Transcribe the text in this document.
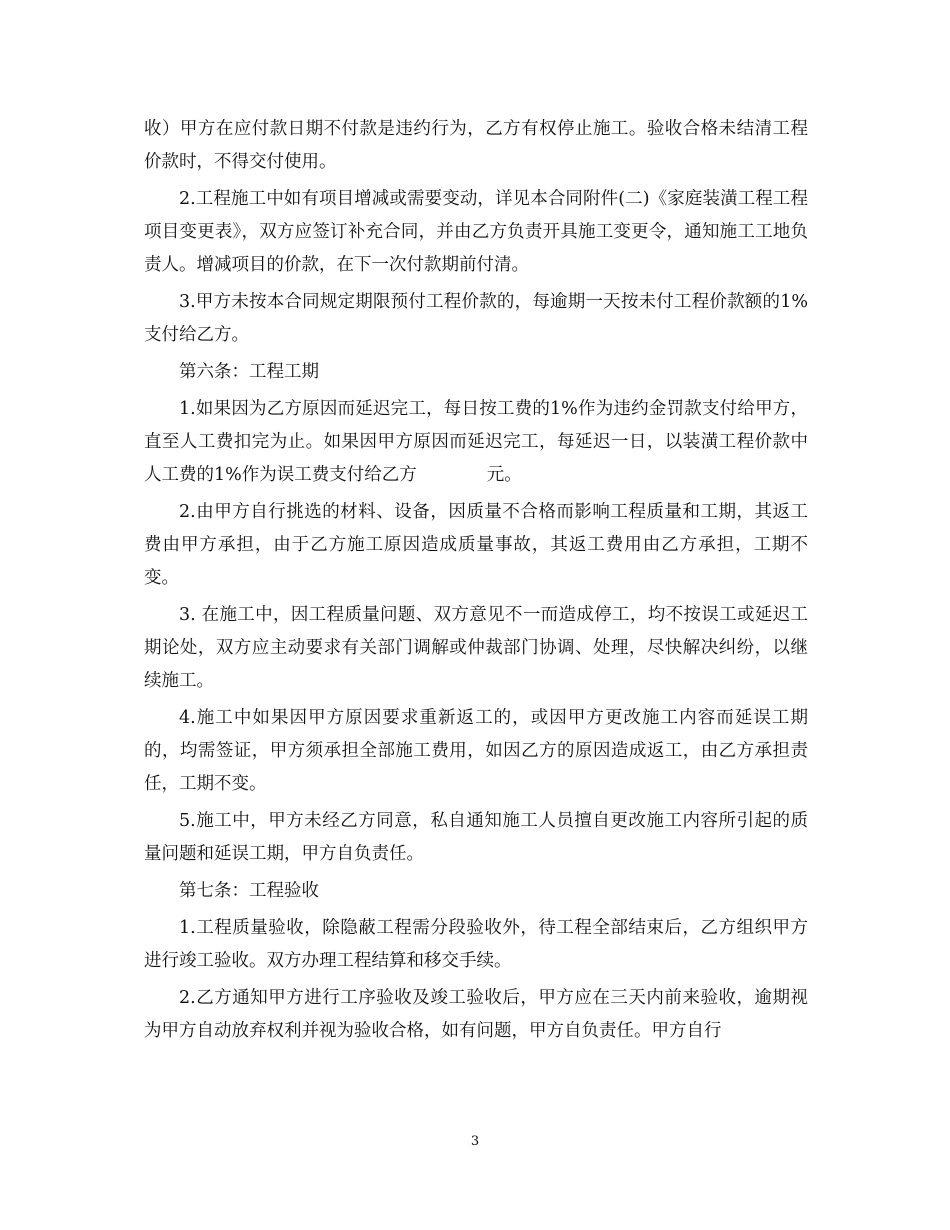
收）甲方在应付款日期不付款是违约行为，乙方有权停止施工。验收合格未结清工程价款时，不得交付使用。

2.工程施工中如有项目增减或需要变动，详见本合同附件(二)《家庭装潢工程工程项目变更表》，双方应签订补充合同，并由乙方负责开具施工变更令，通知施工工地负责人。增减项目的价款，在下一次付款期前付清。

3.甲方未按本合同规定期限预付工程价款的，每逾期一天按未付工程价款额的1%支付给乙方。

第六条：工程工期

1.如果因为乙方原因而延迟完工，每日按工费的1%作为违约金罚款支付给甲方，直至人工费扣完为止。如果因甲方原因而延迟完工，每延迟一日，以装潢工程价款中人工费的1%作为误工费支付给乙方　　　　元。

2.由甲方自行挑选的材料、设备，因质量不合格而影响工程质量和工期，其返工费由甲方承担，由于乙方施工原因造成质量事故，其返工费用由乙方承担，工期不变。

3. 在施工中，因工程质量问题、双方意见不一而造成停工，均不按误工或延迟工期论处，双方应主动要求有关部门调解或仲裁部门协调、处理，尽快解决纠纷，以继续施工。

4.施工中如果因甲方原因要求重新返工的，或因甲方更改施工内容而延误工期的，均需签证，甲方须承担全部施工费用，如因乙方的原因造成返工，由乙方承担责任，工期不变。

5.施工中，甲方未经乙方同意，私自通知施工人员擅自更改施工内容所引起的质量问题和延误工期，甲方自负责任。

第七条：工程验收

1.工程质量验收，除隐蔽工程需分段验收外，待工程全部结束后，乙方组织甲方进行竣工验收。双方办理工程结算和移交手续。

2.乙方通知甲方进行工序验收及竣工验收后，甲方应在三天内前来验收，逾期视为甲方自动放弃权利并视为验收合格，如有问题，甲方自负责任。甲方自行

3
